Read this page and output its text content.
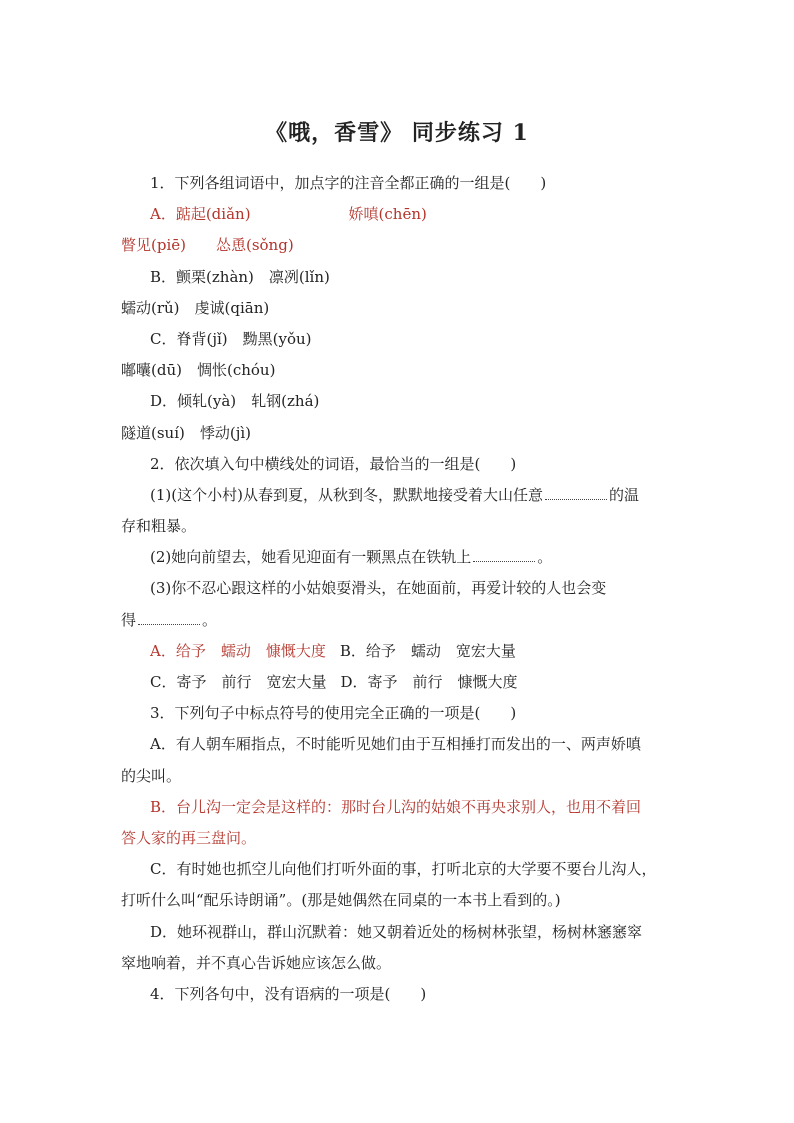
《哦，香雪》 同步练习 1
1．下列各组词语中，加点字的注音全都正确的一组是(　　)
A．踮起(diǎn)	娇嗔(chēn)
瞥见(piē)　　怂恿(sǒng)
B．颤栗(zhàn)　凛冽(lǐn)
蠕动(rǔ)　虔诚(qiān)
C．脊背(jǐ)　黝黑(yǒu)
嘟囔(dū)　惆怅(chóu)
D．倾轧(yà)　轧钢(zhá)
隧道(suí)　悸动(jì)
2．依次填入句中横线处的词语，最恰当的一组是(　　)
(1)(这个小村)从春到夏，从秋到冬，默默地接受着大山任意	的温
存和粗暴。
(2)她向前望去，她看见迎面有一颗黑点在铁轨上	。
(3)你不忍心跟这样的小姑娘耍滑头，在她面前，再爱计较的人也会变
得	。
A．给予　蠕动　慷慨大度 B．给予　蠕动　宽宏大量
C．寄予　前行　宽宏大量 D．寄予　前行　慷慨大度
3．下列句子中标点符号的使用完全正确的一项是(　　)
A．有人朝车厢指点，不时能听见她们由于互相捶打而发出的一、两声娇嗔
的尖叫。
B．台儿沟一定会是这样的：那时台儿沟的姑娘不再央求别人，也用不着回
答人家的再三盘问。
C．有时她也抓空儿向他们打听外面的事，打听北京的大学要不要台儿沟人，
打听什么叫“配乐诗朗诵”。(那是她偶然在同桌的一本书上看到的。)
D．她环视群山，群山沉默着：她又朝着近处的杨树林张望，杨树林窸窸窣
窣地响着，并不真心告诉她应该怎么做。
4．下列各句中，没有语病的一项是(　　)
